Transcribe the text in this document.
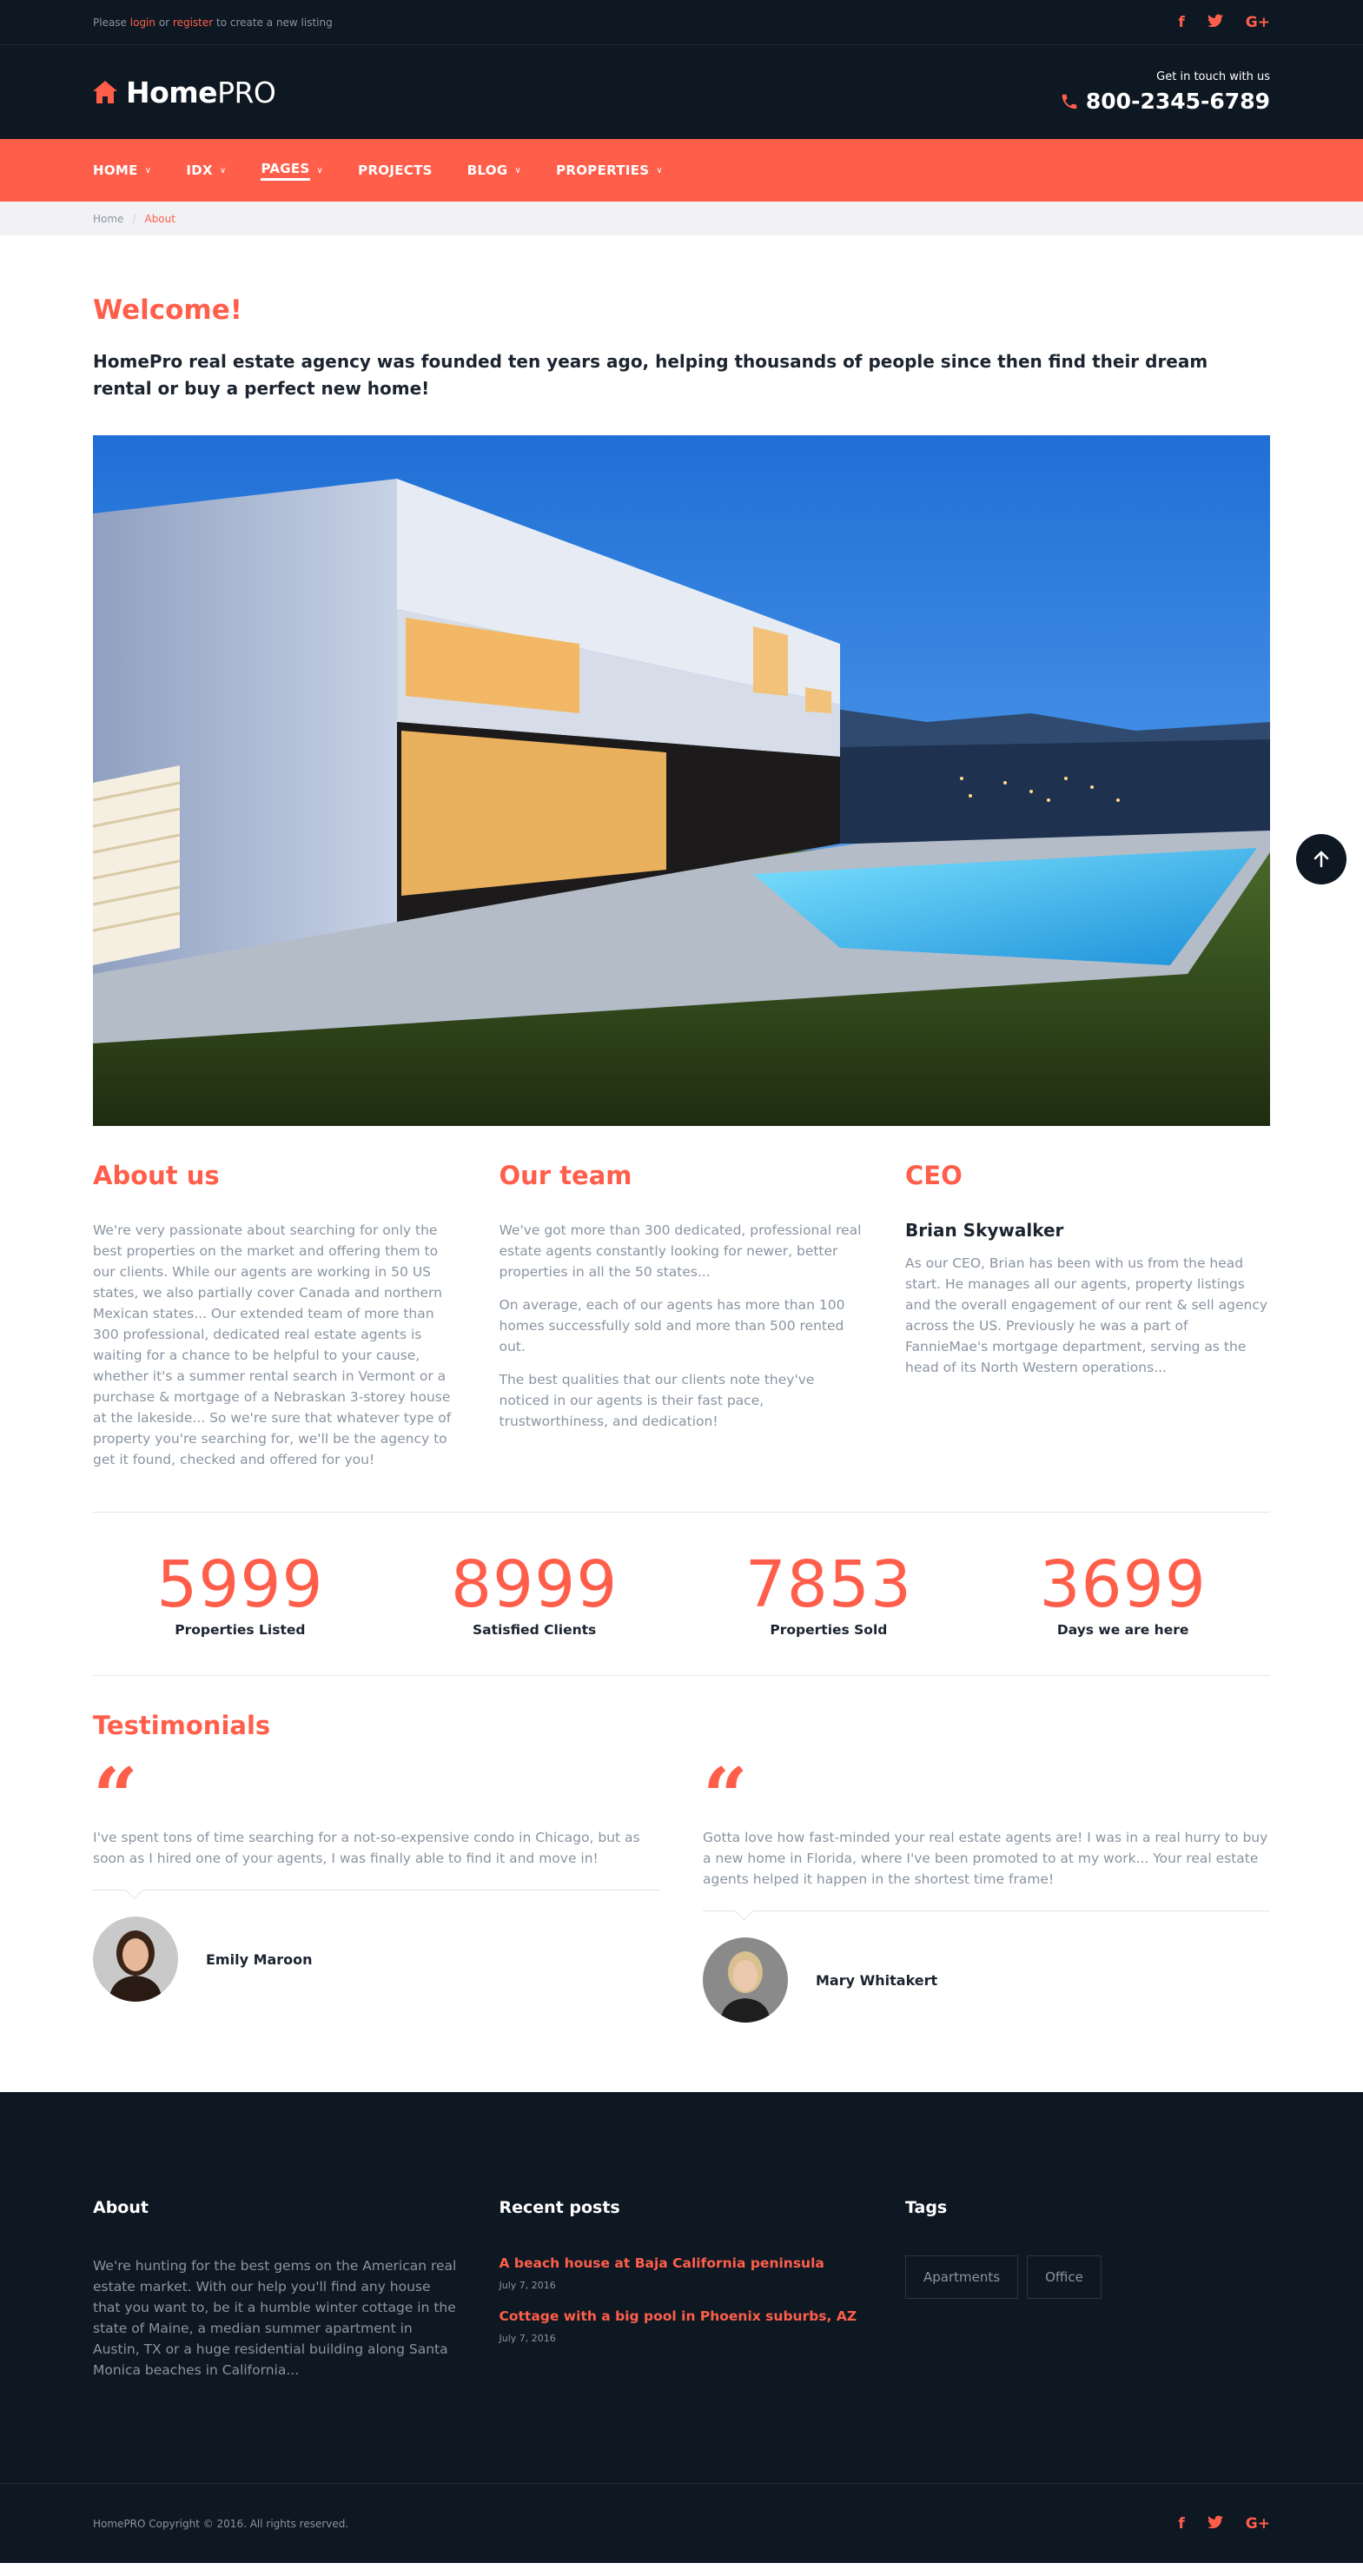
Please login or register to create a new listing	f	G+
HomePRO	Get in touch with us
800-2345-6789
HOME ∨	IDX ∨	PAGES ∨	PROJECTS	BLOG ∨	PROPERTIES ∨
Home / About
Welcome!

HomePro real estate agency was founded ten years ago, helping thousands of people since then find their dream rental or buy a perfect new home!

About us

We're very passionate about searching for only the best properties on the market and offering them to our clients. While our agents are working in 50 US states, we also partially cover Canada and northern Mexican states... Our extended team of more than 300 professional, dedicated real estate agents is waiting for a chance to be helpful to your cause, whether it's a summer rental search in Vermont or a purchase & mortgage of a Nebraskan 3-storey house at the lakeside... So we're sure that whatever type of property you're searching for, we'll be the agency to get it found, checked and offered for you!

Our team

We've got more than 300 dedicated, professional real estate agents constantly looking for newer, better properties in all the 50 states...

On average, each of our agents has more than 100 homes successfully sold and more than 500 rented out.

The best qualities that our clients note they've noticed in our agents is their fast pace, trustworthiness, and dedication!

CEO
Brian Skywalker

As our CEO, Brian has been with us from the head start. He manages all our agents, property listings and the overall engagement of our rent & sell agency across the US. Previously he was a part of FannieMae's mortgage department, serving as the head of its North Western operations...

5999
Properties Listed
8999
Satisfied Clients
7853
Properties Sold
3699
Days we are here
Testimonials
“
I've spent tons of time searching for a not-so-expensive condo in Chicago, but as soon as I hired one of your agents, I was finally able to find it and move in!
Emily Maroon
“
Gotta love how fast-minded your real estate agents are! I was in a real hurry to buy a new home in Florida, where I've been promoted to at my work... Your real estate agents helped it happen in the shortest time frame!
Mary Whitakert
About

We're hunting for the best gems on the American real estate market. With our help you'll find any house that you want to, be it a humble winter cottage in the state of Maine, a median summer apartment in Austin, TX or a huge residential building along Santa Monica beaches in California...

Recent posts
A beach house at Baja California peninsula
July 7, 2016
Cottage with a big pool in Phoenix suburbs, AZ
July 7, 2016
Tags
Apartments	Office
HomePRO Copyright © 2016. All rights reserved.	f	G+
